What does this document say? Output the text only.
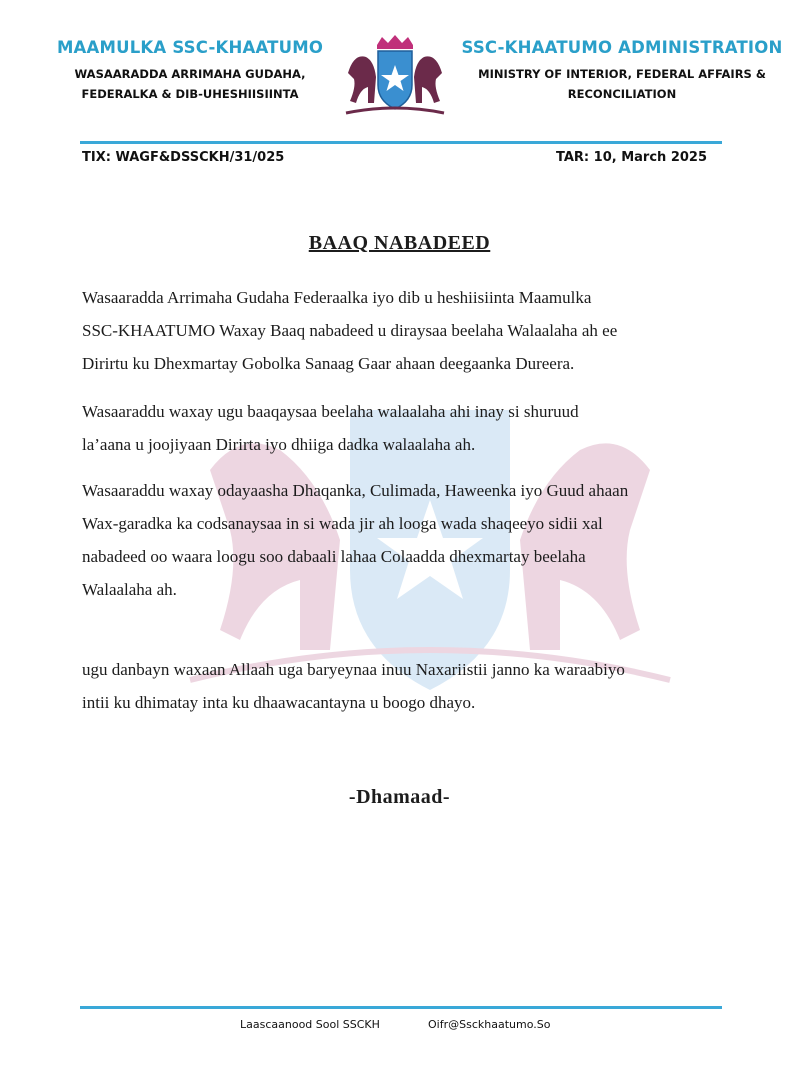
MAAMULKA SSC-KHAATUMO
WASAARADDA ARRIMAHA GUDAHA,
FEDERALKA & DIB-UHESHIISIINTA
SSC-KHAATUMO ADMINISTRATION
MINISTRY OF INTERIOR, FEDERAL AFFAIRS &
RECONCILIATION
TIX: WAGF&DSSCKH/31/025	TAR: 10, March 2025
BAAQ NABADEED
Wasaaradda Arrimaha Gudaha Federaalka iyo dib u heshiisiinta Maamulka
SSC-KHAATUMO Waxay Baaq nabadeed u diraysaa beelaha Walaalaha ah ee
Dirirtu ku Dhexmartay Gobolka Sanaag Gaar ahaan deegaanka Dureera.
Wasaaraddu waxay ugu baaqaysaa beelaha walaalaha ahi inay si shuruud
la’aana u joojiyaan Dirirta iyo dhiiga dadka walaalaha ah.
Wasaaraddu waxay odayaasha Dhaqanka, Culimada, Haweenka iyo Guud ahaan
Wax-garadka ka codsanaysaa in si wada jir ah looga wada shaqeeyo sidii xal
nabadeed oo waara loogu soo dabaali lahaa Colaadda dhexmartay beelaha
Walaalaha ah.
ugu danbayn waxaan Allaah uga baryeynaa inuu Naxariistii janno ka waraabiyo
intii ku dhimatay inta ku dhaawacantayna u boogo dhayo.
-Dhamaad-
Laascaanood Sool SSCKH	Oifr@Ssckhaatumo.So
